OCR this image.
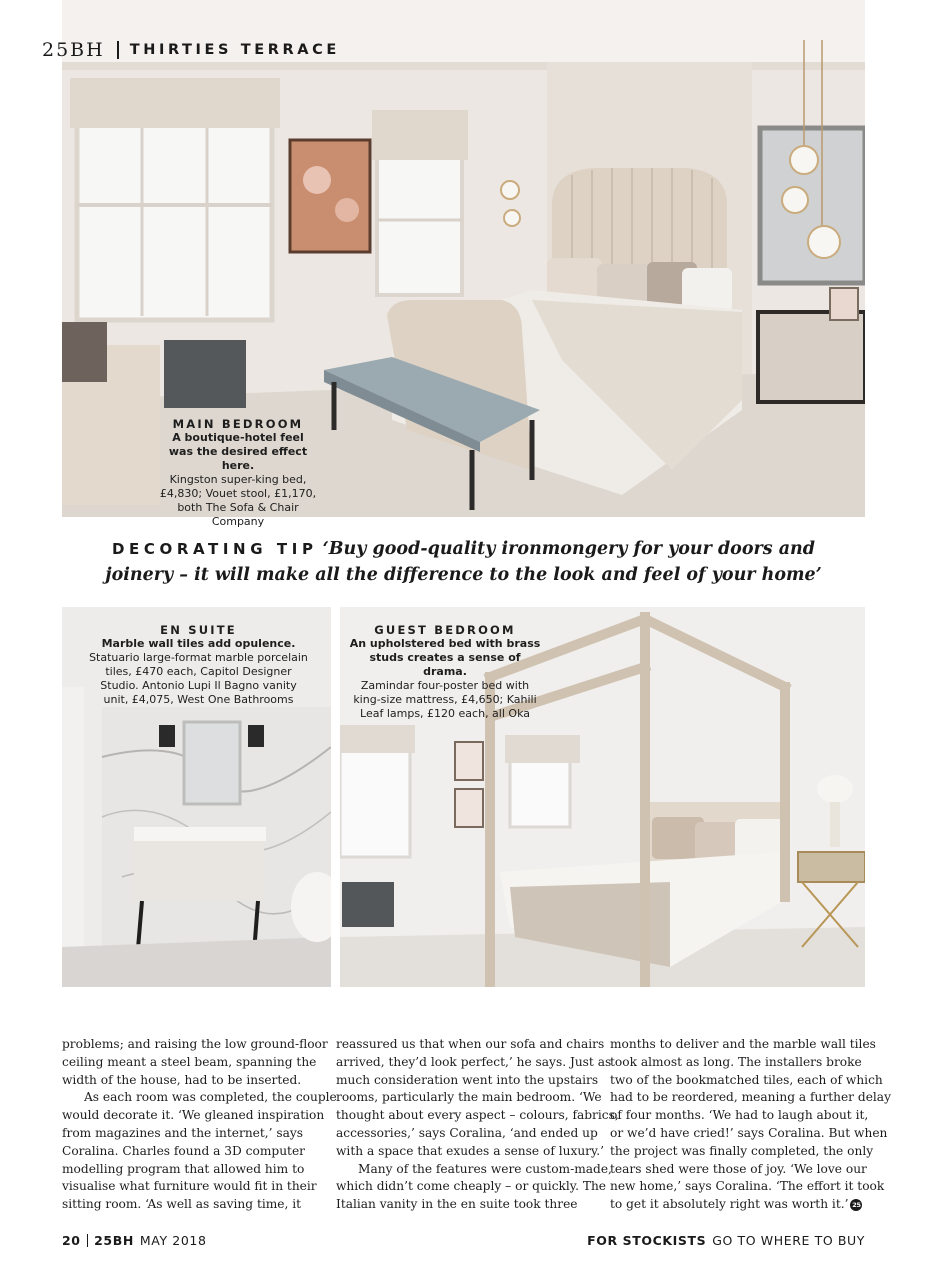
25BH THIRTIES TERRACE
MAIN BEDROOM
A boutique-hotel feel
was the desired effect here.
Kingston super-king bed,
£4,830; Vouet stool, £1,170,
both The Sofa & Chair Company
DECORATING TIP ‘Buy good-quality ironmongery for your doors and
joinery – it will make all the difference to the look and feel of your home’
EN SUITE
Marble wall tiles add opulence.
Statuario large-format marble porcelain
tiles, £470 each, Capitol Designer
Studio. Antonio Lupi Il Bagno vanity
unit, £4,075, West One Bathrooms
GUEST BEDROOM
An upholstered bed with brass
studs creates a sense of drama.
Zamindar four-poster bed with
king-size mattress, £4,650; Kahili
Leaf lamps, £120 each, all Oka
problems; and raising the low ground-floor
ceiling meant a steel beam, spanning the
width of the house, had to be inserted.
As each room was completed, the couple
would decorate it. ‘We gleaned inspiration
from magazines and the internet,’ says
Coralina. Charles found a 3D computer
modelling program that allowed him to
visualise what furniture would fit in their
sitting room. ‘As well as saving time, it
reassured us that when our sofa and chairs
arrived, they’d look perfect,’ he says. Just as
much consideration went into the upstairs
rooms, particularly the main bedroom. ‘We
thought about every aspect – colours, fabrics,
accessories,’ says Coralina, ‘and ended up
with a space that exudes a sense of luxury.’
Many of the features were custom-made,
which didn’t come cheaply – or quickly. The
Italian vanity in the en suite took three
months to deliver and the marble wall tiles
took almost as long. The installers broke
two of the bookmatched tiles, each of which
had to be reordered, meaning a further delay
of four months. ‘We had to laugh about it,
or we’d have cried!’ says Coralina. But when
the project was finally completed, the only
tears shed were those of joy. ‘We love our
new home,’ says Coralina. ‘The effort it took
to get it absolutely right was worth it.’ 25
20 25BH MAY 2018	FOR STOCKISTS GO TO WHERE TO BUY
